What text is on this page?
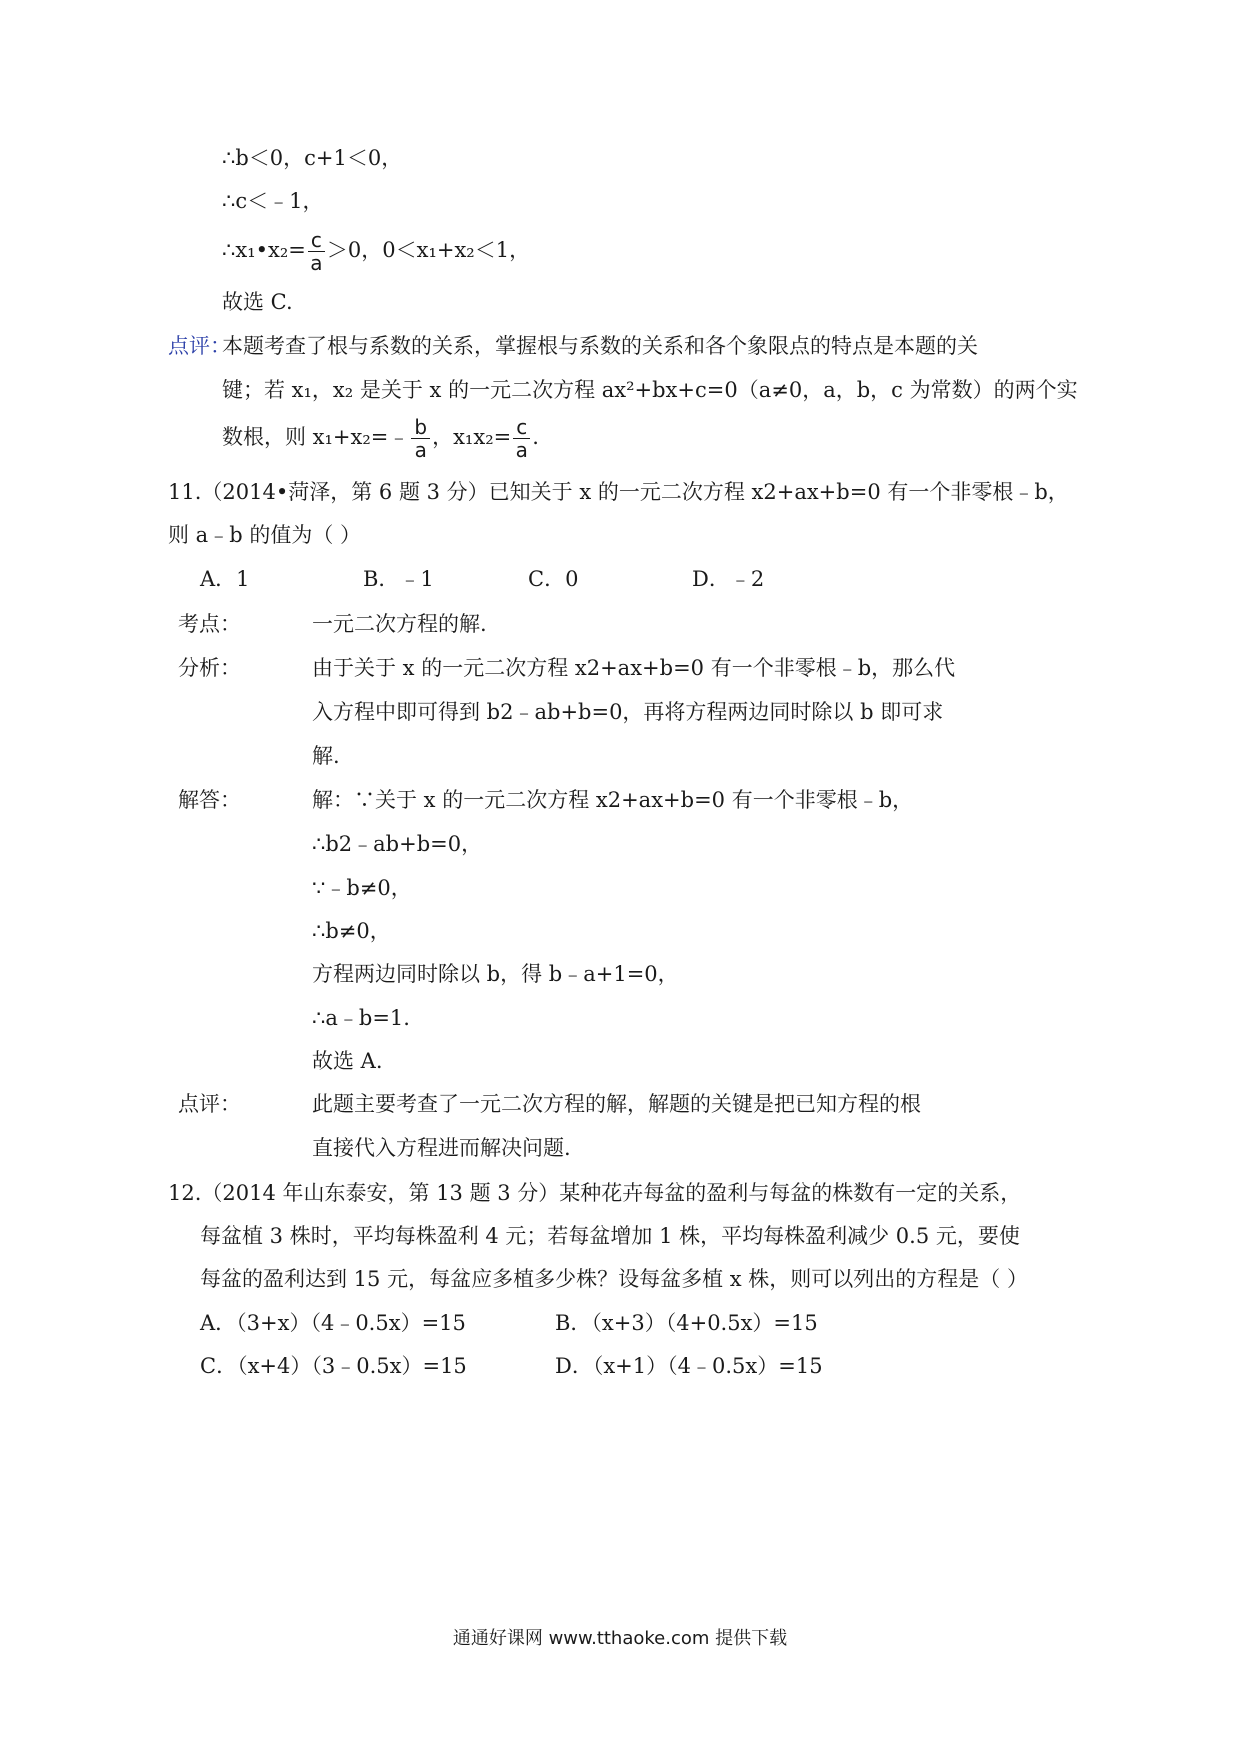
∴b＜0，c+1＜0，
∴c＜﹣1，
∴x₁•x₂= $\frac{c}{a} >0$，0＜x₁+x₂＜1，
故选 C.
点评：
本题考查了根与系数的关系，掌握根与系数的关系和各个象限点的特点是本题的关
键；若 x₁，x₂ 是关于 x 的一元二次方程 ax²+bx+c=0（a≠0，a，b，c 为常数）的两个实
数根，则 x₁+x₂=﹣ $\frac{b}{a}$ ，$x_1x_2= \frac{c}{a}$ .
11.（2014•菏泽，第 6 题 3 分）已知关于 x 的一元二次方程 x2+ax+b=0 有一个非零根﹣b，
则 a﹣b 的值为（ ）
A．1	B．﹣1	C．0	D．﹣2
考点：	一元二次方程的解.
分析：	由于关于 x 的一元二次方程 x2+ax+b=0 有一个非零根﹣b，那么代
入方程中即可得到 b2﹣ab+b=0，再将方程两边同时除以 b 即可求
解.
解答：	解：∵关于 x 的一元二次方程 x2+ax+b=0 有一个非零根﹣b，
∴b2﹣ab+b=0，
∵﹣b≠0，
∴b≠0，
方程两边同时除以 b，得 b﹣a+1=0，
∴a﹣b=1.
故选 A.
点评：	此题主要考查了一元二次方程的解，解题的关键是把已知方程的根
直接代入方程进而解决问题.
12.（2014 年山东泰安，第 13 题 3 分）某种花卉每盆的盈利与每盆的株数有一定的关系，
每盆植 3 株时，平均每株盈利 4 元；若每盆增加 1 株，平均每株盈利减少 0.5 元，要使
每盆的盈利达到 15 元，每盆应多植多少株？设每盆多植 x 株，则可以列出的方程是（ ）
A．（3+x）（4﹣0.5x）=15	B．（x+3）（4+0.5x）=15
C．（x+4）（3﹣0.5x）=15	D．（x+1）（4﹣0.5x）=15
通通好课网 www.tthaoke.com 提供下载
